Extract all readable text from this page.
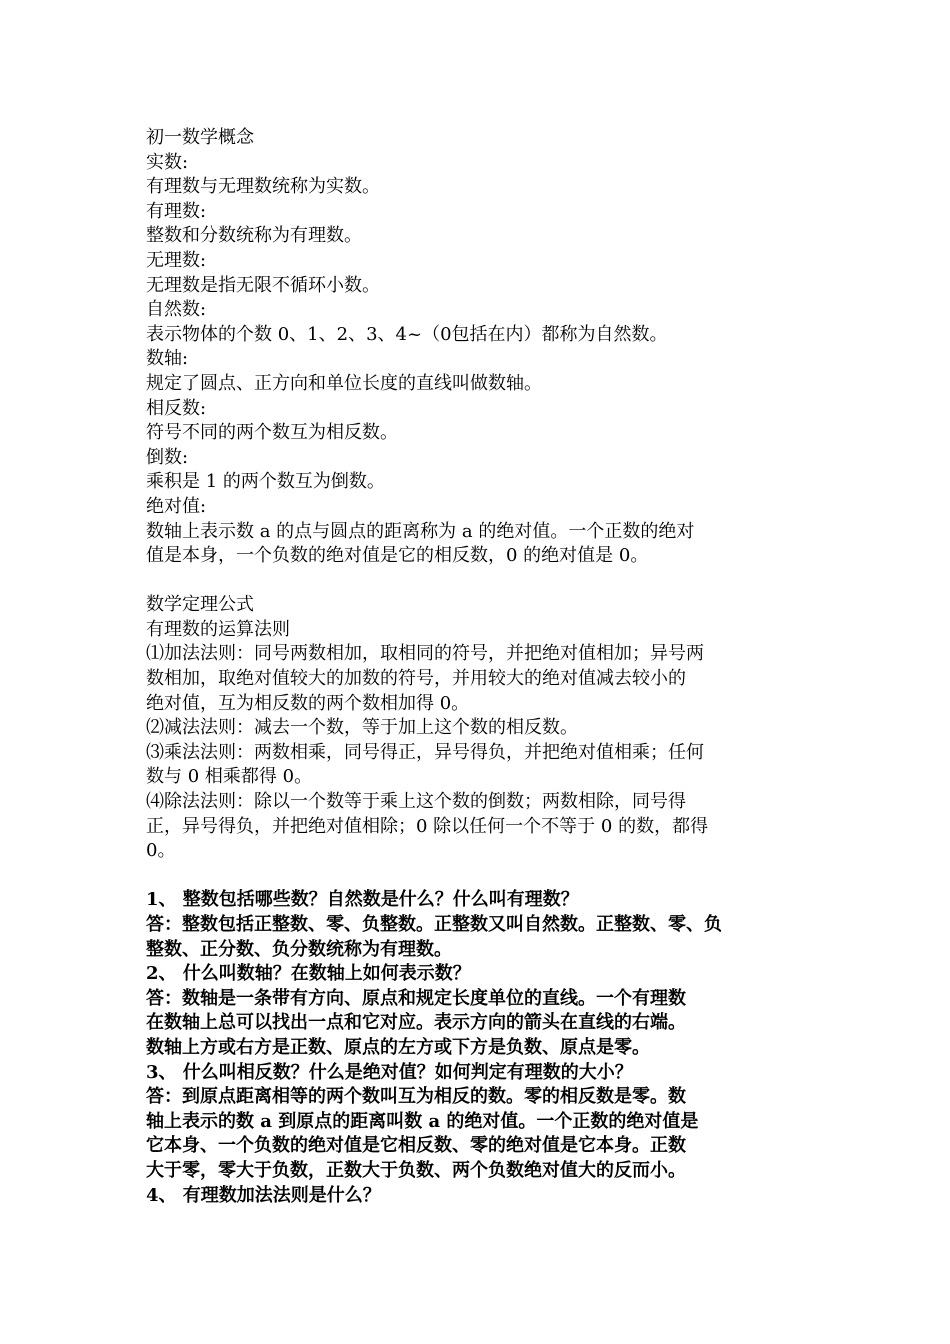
初一数学概念
实数:
有理数与无理数统称为实数。
有理数:
整数和分数统称为有理数。
无理数:
无理数是指无限不循环小数。
自然数:
表示物体的个数 0、1、2、3、4~（0包括在内）都称为自然数。
数轴:
规定了圆点、正方向和单位长度的直线叫做数轴。
相反数:
符号不同的两个数互为相反数。
倒数:
乘积是 1 的两个数互为倒数。
绝对值:
数轴上表示数 a 的点与圆点的距离称为 a 的绝对值。一个正数的绝对
值是本身，一个负数的绝对值是它的相反数，0 的绝对值是 0。
数学定理公式
有理数的运算法则
⑴加法法则：同号两数相加，取相同的符号，并把绝对值相加；异号两
数相加，取绝对值较大的加数的符号，并用较大的绝对值减去较小的
绝对值，互为相反数的两个数相加得 0。
⑵减法法则：减去一个数，等于加上这个数的相反数。
⑶乘法法则：两数相乘，同号得正，异号得负，并把绝对值相乘；任何
数与 0 相乘都得 0。
⑷除法法则：除以一个数等于乘上这个数的倒数；两数相除，同号得
正，异号得负，并把绝对值相除；0 除以任何一个不等于 0 的数，都得
0。
1、 整数包括哪些数？自然数是什么？什么叫有理数？
答：整数包括正整数、零、负整数。正整数又叫自然数。正整数、零、负
整数、正分数、负分数统称为有理数。
2、 什么叫数轴？在数轴上如何表示数？
答：数轴是一条带有方向、原点和规定长度单位的直线。一个有理数
在数轴上总可以找出一点和它对应。表示方向的箭头在直线的右端。
数轴上方或右方是正数、原点的左方或下方是负数、原点是零。
3、 什么叫相反数？什么是绝对值？如何判定有理数的大小？
答：到原点距离相等的两个数叫互为相反的数。零的相反数是零。数
轴上表示的数 a 到原点的距离叫数 a 的绝对值。一个正数的绝对值是
它本身、一个负数的绝对值是它相反数、零的绝对值是它本身。正数
大于零，零大于负数，正数大于负数、两个负数绝对值大的反而小。
4、 有理数加法法则是什么？
